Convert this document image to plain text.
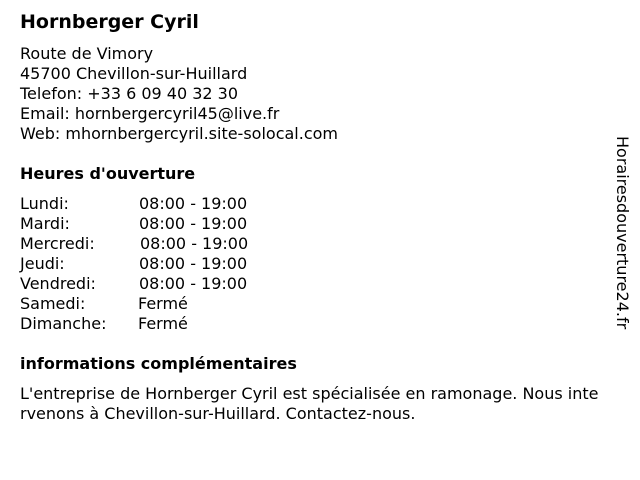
Hornberger Cyril
Route de Vimory
45700 Chevillon-sur-Huillard
Telefon: +33 6 09 40 32 30
Email: hornbergercyril45@live.fr
Web: mhornbergercyril.site-solocal.com
Heures d'ouverture
Lundi:	08:00 - 19:00
Mardi:	08:00 - 19:00
Mercredi:	08:00 - 19:00
Jeudi:	08:00 - 19:00
Vendredi:	08:00 - 19:00
Samedi:	Fermé
Dimanche: Fermé
informations complémentaires
L'entreprise de Hornberger Cyril est spécialisée en ramonage. Nous intervenons à Chevillon-sur-Huillard. Contactez-nous.
Horairesdouverture24.fr
